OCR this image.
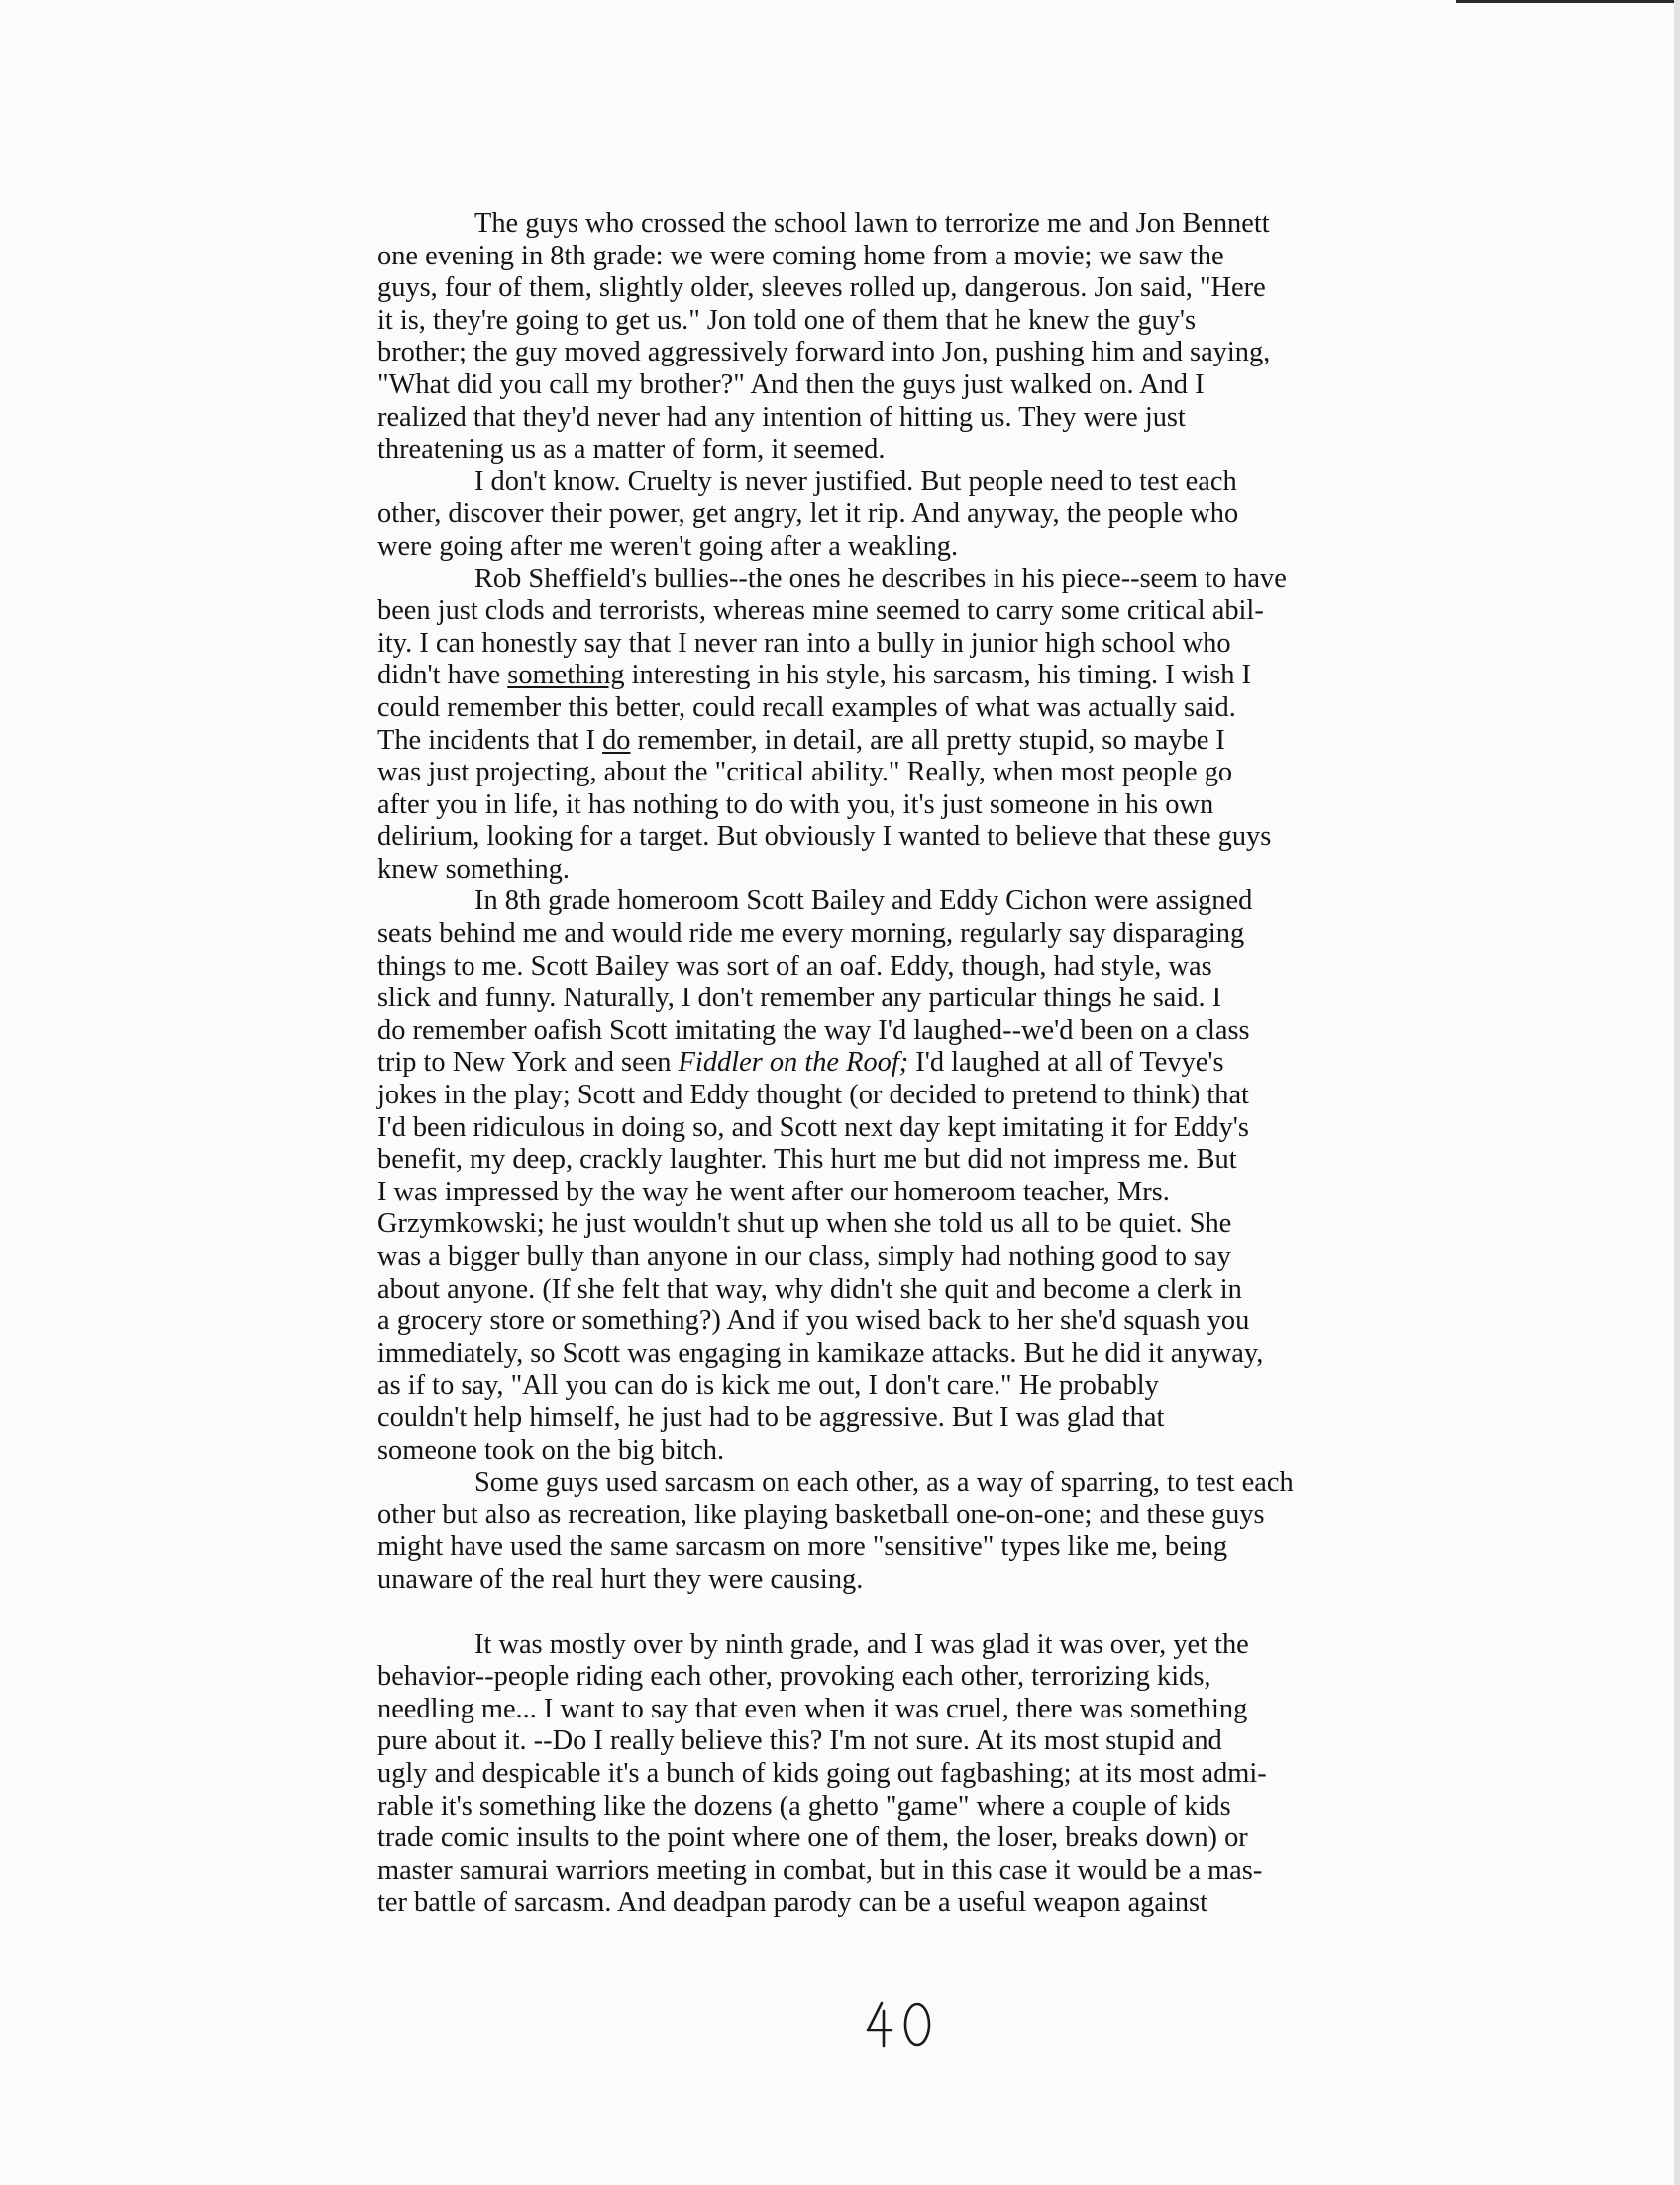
The guys who crossed the school lawn to terrorize me and Jon Bennett
one evening in 8th grade: we were coming home from a movie; we saw the
guys, four of them, slightly older, sleeves rolled up, dangerous. Jon said, "Here
it is, they're going to get us." Jon told one of them that he knew the guy's
brother; the guy moved aggressively forward into Jon, pushing him and saying,
"What did you call my brother?" And then the guys just walked on. And I
realized that they'd never had any intention of hitting us. They were just
threatening us as a matter of form, it seemed.

I don't know. Cruelty is never justified. But people need to test each
other, discover their power, get angry, let it rip. And anyway, the people who
were going after me weren't going after a weakling.

Rob Sheffield's bullies--the ones he describes in his piece--seem to have
been just clods and terrorists, whereas mine seemed to carry some critical abil-
ity. I can honestly say that I never ran into a bully in junior high school who
didn't have something interesting in his style, his sarcasm, his timing. I wish I
could remember this better, could recall examples of what was actually said.
The incidents that I do remember, in detail, are all pretty stupid, so maybe I
was just projecting, about the "critical ability." Really, when most people go
after you in life, it has nothing to do with you, it's just someone in his own
delirium, looking for a target. But obviously I wanted to believe that these guys
knew something.

In 8th grade homeroom Scott Bailey and Eddy Cichon were assigned
seats behind me and would ride me every morning, regularly say disparaging
things to me. Scott Bailey was sort of an oaf. Eddy, though, had style, was
slick and funny. Naturally, I don't remember any particular things he said. I
do remember oafish Scott imitating the way I'd laughed--we'd been on a class
trip to New York and seen Fiddler on the Roof; I'd laughed at all of Tevye's
jokes in the play; Scott and Eddy thought (or decided to pretend to think) that
I'd been ridiculous in doing so, and Scott next day kept imitating it for Eddy's
benefit, my deep, crackly laughter. This hurt me but did not impress me. But
I was impressed by the way he went after our homeroom teacher, Mrs.
Grzymkowski; he just wouldn't shut up when she told us all to be quiet. She
was a bigger bully than anyone in our class, simply had nothing good to say
about anyone. (If she felt that way, why didn't she quit and become a clerk in
a grocery store or something?) And if you wised back to her she'd squash you
immediately, so Scott was engaging in kamikaze attacks. But he did it anyway,
as if to say, "All you can do is kick me out, I don't care." He probably
couldn't help himself, he just had to be aggressive. But I was glad that
someone took on the big bitch.

Some guys used sarcasm on each other, as a way of sparring, to test each
other but also as recreation, like playing basketball one-on-one; and these guys
might have used the same sarcasm on more "sensitive" types like me, being
unaware of the real hurt they were causing.

It was mostly over by ninth grade, and I was glad it was over, yet the
behavior--people riding each other, provoking each other, terrorizing kids,
needling me... I want to say that even when it was cruel, there was something
pure about it. --Do I really believe this? I'm not sure. At its most stupid and
ugly and despicable it's a bunch of kids going out fagbashing; at its most admi-
rable it's something like the dozens (a ghetto "game" where a couple of kids
trade comic insults to the point where one of them, the loser, breaks down) or
master samurai warriors meeting in combat, but in this case it would be a mas-
ter battle of sarcasm. And deadpan parody can be a useful weapon against
